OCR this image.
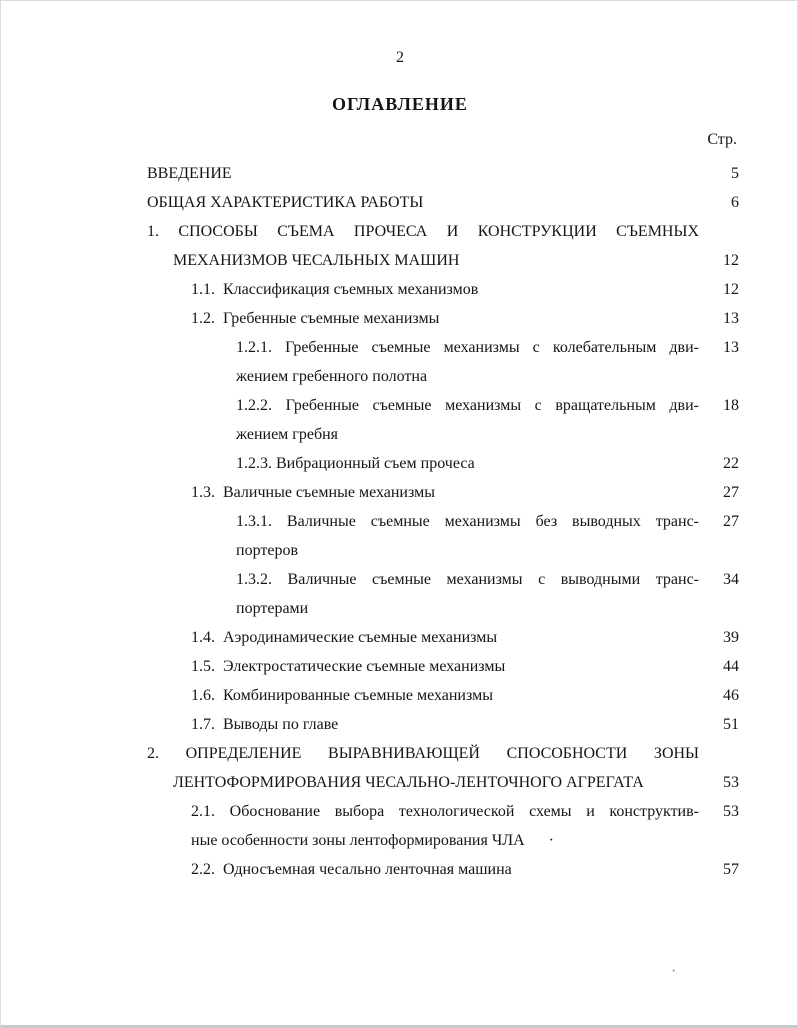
2
ОГЛАВЛЕНИЕ
Стр.
ВВЕДЕНИЕ	5
ОБЩАЯ ХАРАКТЕРИСТИКА РАБОТЫ	6
1. СПОСОБЫ СЪЕМА ПРОЧЕСА И КОНСТРУКЦИИ СЪЕМНЫХ
МЕХАНИЗМОВ ЧЕСАЛЬНЫХ МАШИН	12
1.1.  Классификация съемных механизмов	12
1.2.  Гребенные съемные механизмы	13
1.2.1. Гребенные съемные механизмы с колебательным дви-	13
жением гребенного полотна
1.2.2. Гребенные съемные механизмы с вращательным дви-	18
жением гребня
1.2.3. Вибрационный съем прочеса	22
1.3.  Валичные съемные механизмы	27
1.3.1. Валичные съемные механизмы без выводных транс-	27
портеров
1.3.2. Валичные съемные механизмы с выводными транс-	34
портерами
1.4.  Аэродинамические съемные механизмы	39
1.5.  Электростатические съемные механизмы	44
1.6.  Комбинированные съемные механизмы	46
1.7.  Выводы по главе	51
2. ОПРЕДЕЛЕНИЕ ВЫРАВНИВАЮЩЕЙ СПОСОБНОСТИ ЗОНЫ
ЛЕНТОФОРМИРОВАНИЯ ЧЕСАЛЬНО-ЛЕНТОЧНОГО АГРЕГАТА	53
2.1. Обоснование выбора технологической схемы и конструктив-	53
ные особенности зоны лентоформирования ЧЛА      ·
2.2.  Односъемная чесально ленточная машина	57
·
